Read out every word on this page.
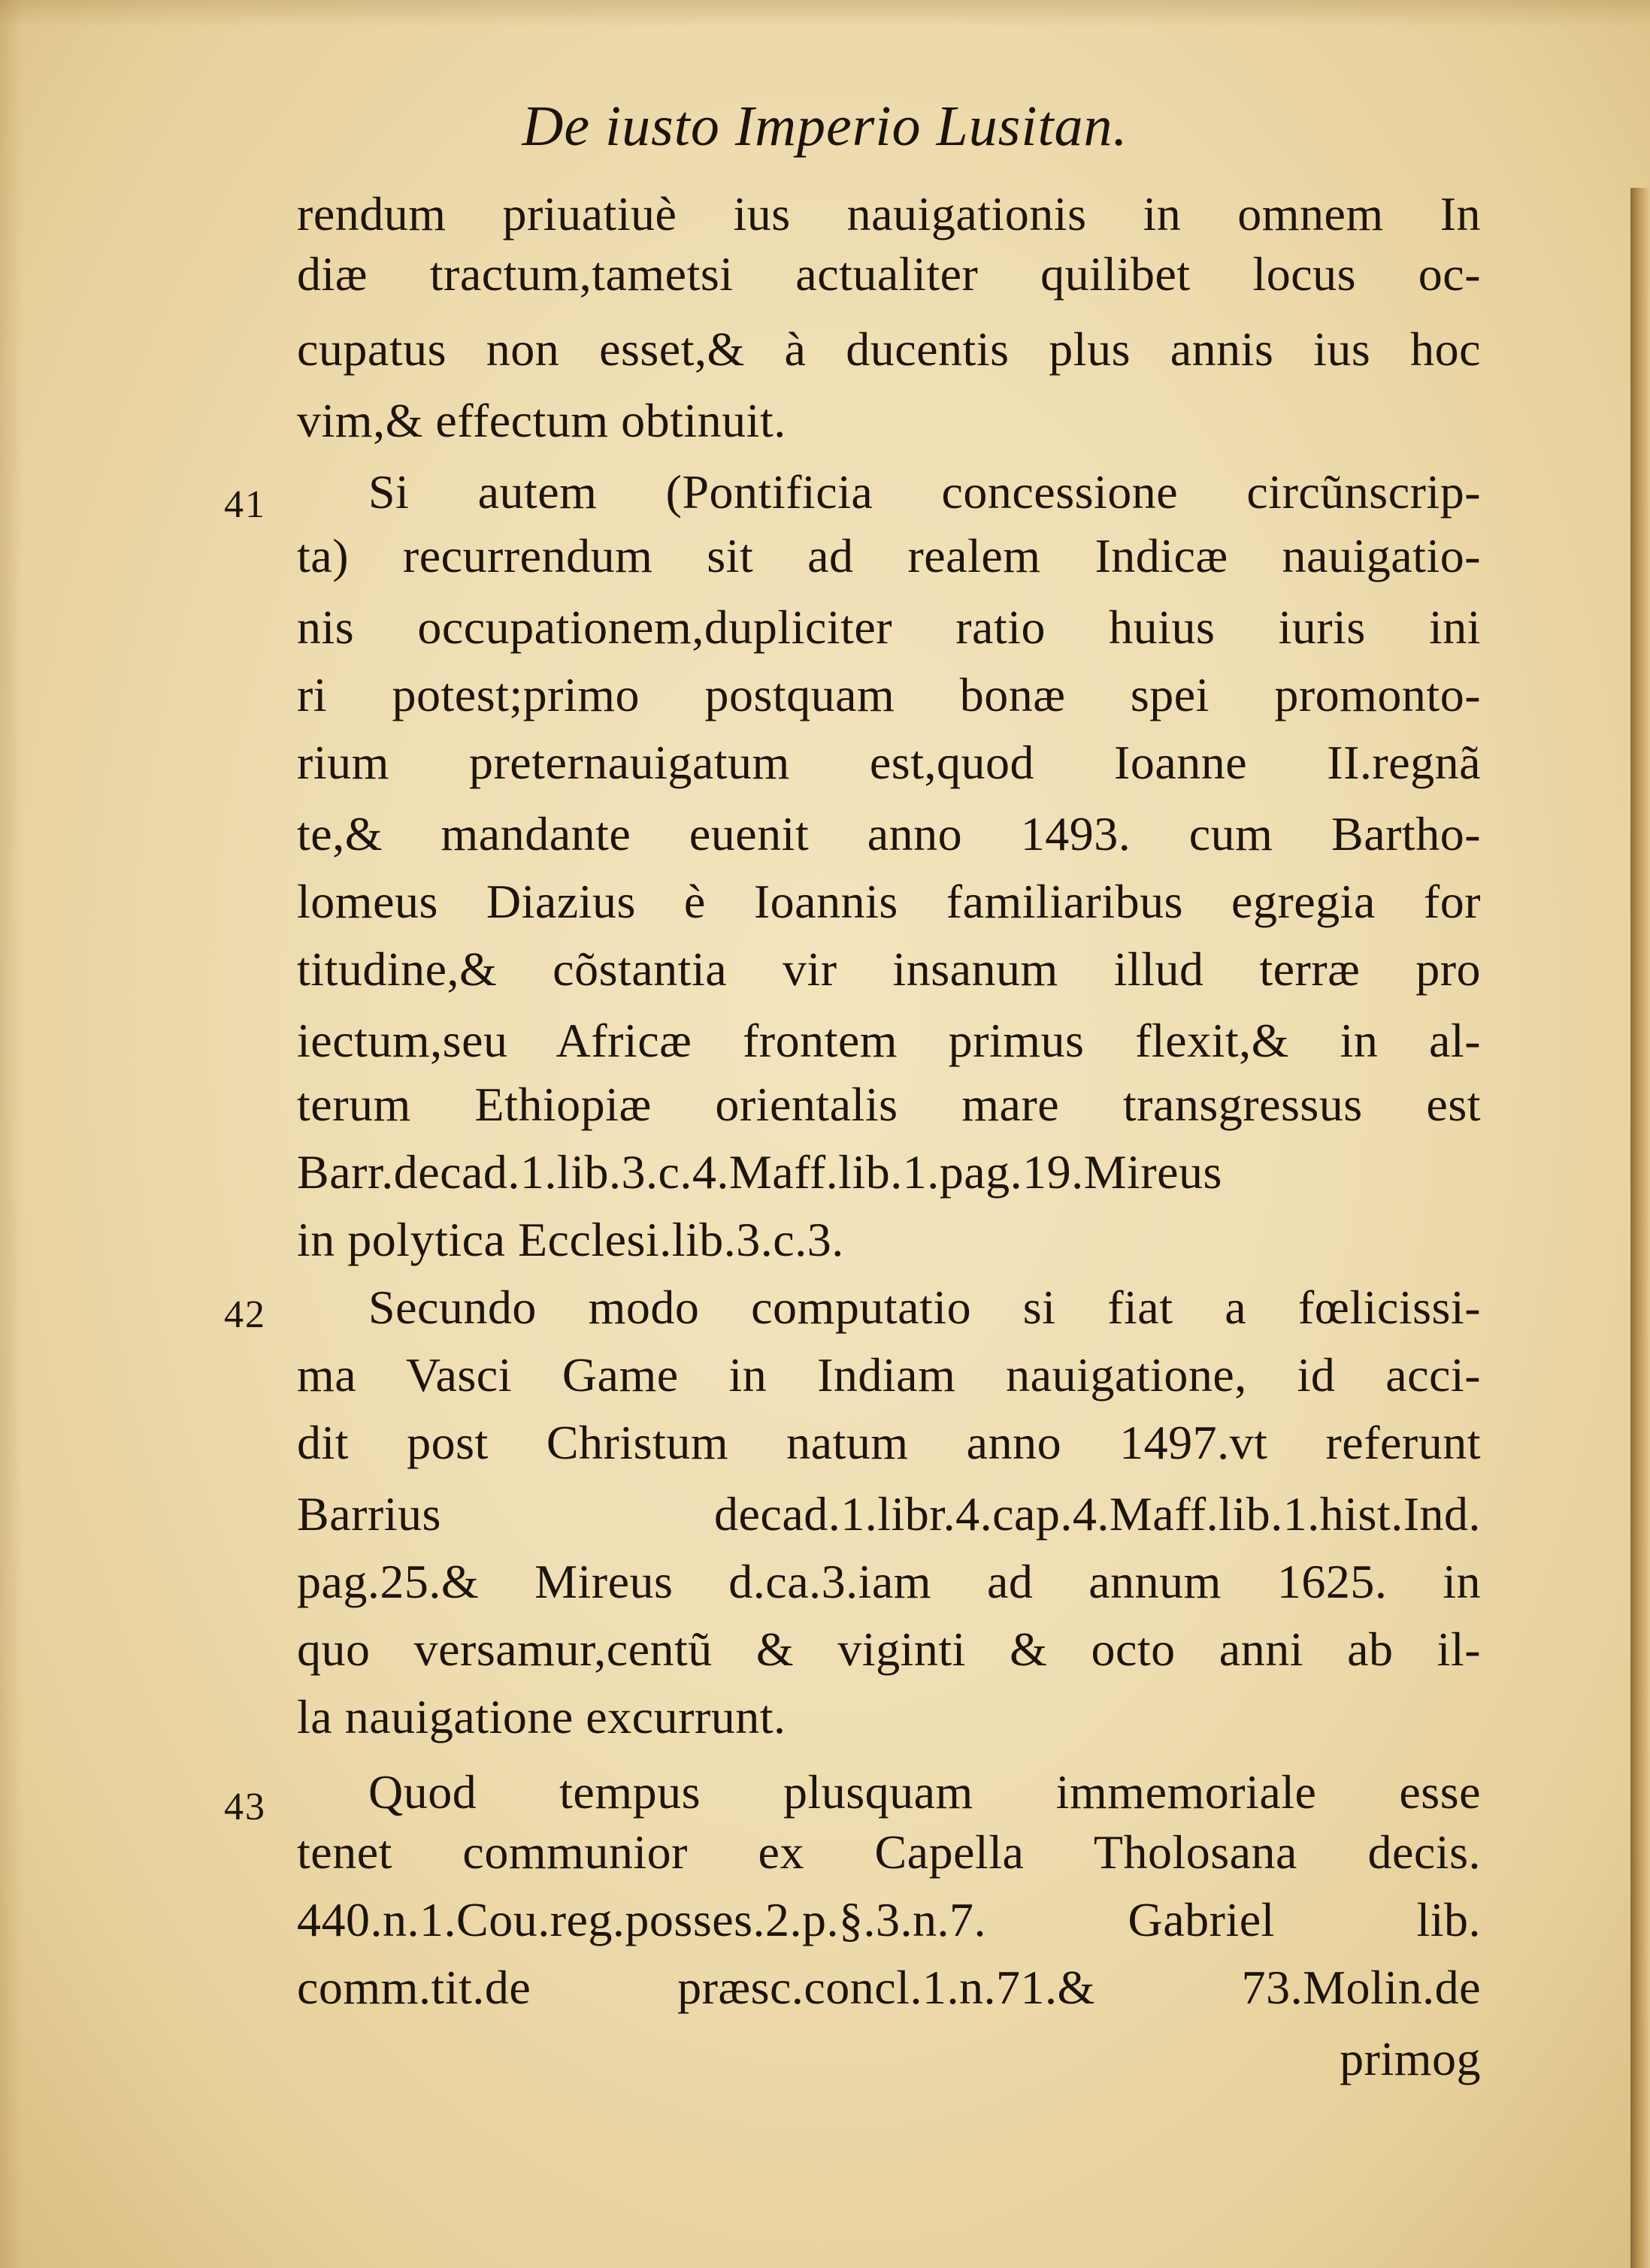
De iusto Imperio Lusitan.
rendum priuatiuè ius nauigationis in omnem In
diæ tractum,tametsi actualiter quilibet locus oc-
cupatus non esset,& à ducentis plus annis ius hoc
vim,& effectum obtinuit.
41 Si autem (Pontificia concessione circũnscrip-
ta) recurrendum sit ad realem Indicæ nauigatio-
nis occupationem,dupliciter ratio huius iuris ini
ri potest;primo postquam bonæ spei promonto-
rium preternauigatum est,quod Ioanne II.regnã
te,& mandante euenit anno 1493. cum Bartho-
lomeus Diazius è Ioannis familiaribus egregia for
titudine,& cõstantia vir insanum illud terræ pro
iectum,seu Africæ frontem primus flexit,& in al-
terum Ethiopiæ orientalis mare transgressus est
Barr.decad.1.lib.3.c.4.Maff.lib.1.pag.19.Mireus
in polytica Ecclesi.lib.3.c.3.
42 Secundo modo computatio si fiat a fœlicissi-
ma Vasci Game in Indiam nauigatione, id acci-
dit post Christum natum anno 1497.vt referunt
Barrius decad.1.libr.4.cap.4.Maff.lib.1.hist.Ind.
pag.25.& Mireus d.ca.3.iam ad annum 1625. in
quo versamur,centũ & viginti & octo anni ab il-
la nauigatione excurrunt.
43 Quod tempus plusquam immemoriale esse
tenet communior ex Capella Tholosana decis.
440.n.1.Cou.reg.posses.2.p.§.3.n.7. Gabriel lib.
comm.tit.de præsc.concl.1.n.71.& 73.Molin.de
primog
